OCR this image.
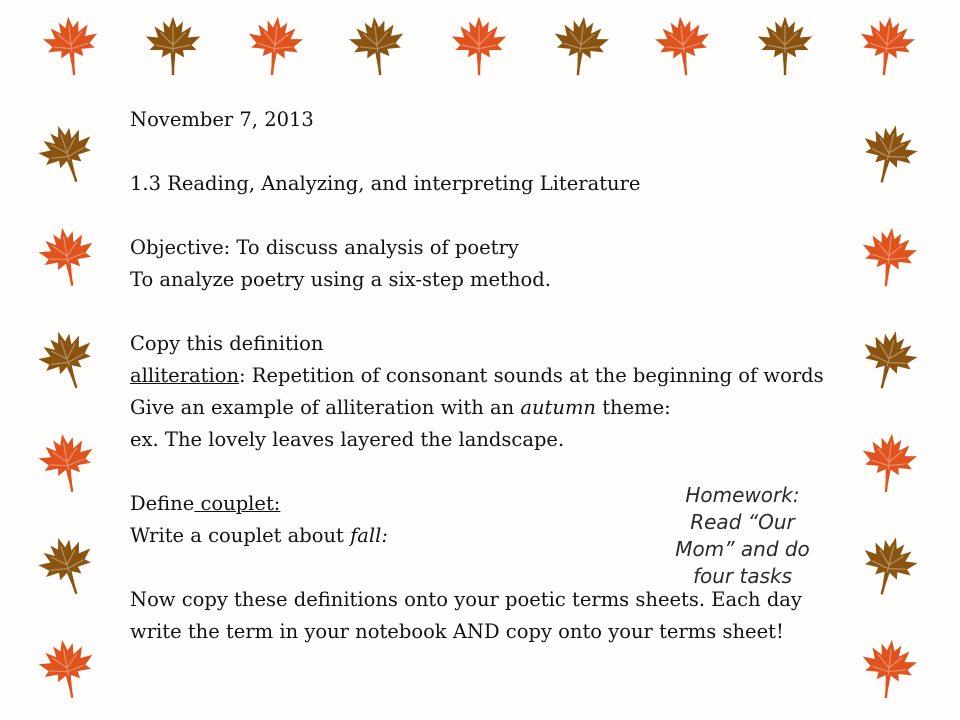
November 7, 2013
1.3 Reading, Analyzing, and interpreting Literature
Objective: To discuss analysis of poetry
To analyze poetry using a six-step method.
Copy this definition
alliteration: Repetition of consonant sounds at the beginning of words
Give an example of alliteration with an autumn theme:
ex. The lovely leaves layered the landscape.
Define couplet:
Write a couplet about fall:
Now copy these definitions onto your poetic terms sheets. Each day write the term in your notebook AND copy onto your terms sheet!
Homework:
Read “Our
Mom” and do
four tasks
